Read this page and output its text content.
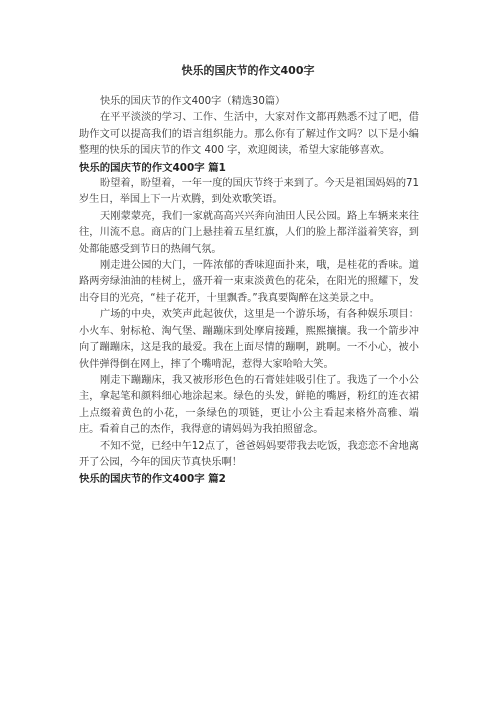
快乐的国庆节的作文400字

快乐的国庆节的作文400字（精选30篇）

在平平淡淡的学习、工作、生活中，大家对作文都再熟悉不过了吧，借助作文可以提高我们的语言组织能力。那么你有了解过作文吗？以下是小编整理的快乐的国庆节的作文 400 字，欢迎阅读，希望大家能够喜欢。

快乐的国庆节的作文400字 篇1

盼望着，盼望着，一年一度的国庆节终于来到了。今天是祖国妈妈的71岁生日，举国上下一片欢腾，到处欢歌笑语。

天刚蒙蒙亮，我们一家就高高兴兴奔向油田人民公园。路上车辆来来往往，川流不息。商店的门上悬挂着五星红旗，人们的脸上都洋溢着笑容，到处都能感受到节日的热闹气氛。

刚走进公园的大门，一阵浓郁的香味迎面扑来，哦，是桂花的香味。道路两旁绿油油的桂树上，盛开着一束束淡黄色的花朵，在阳光的照耀下，发出夺目的光亮，“桂子花开，十里飘香。”我真要陶醉在这美景之中。

广场的中央，欢笑声此起彼伏，这里是一个游乐场，有各种娱乐项目：小火车、射标枪、淘气堡、蹦蹦床到处摩肩接踵，熙熙攘攘。我一个箭步冲向了蹦蹦床，这是我的最爱。我在上面尽情的蹦啊，跳啊。一不小心，被小伙伴弹得倒在网上，摔了个嘴啃泥，惹得大家哈哈大笑。

刚走下蹦蹦床，我又被形形色色的石膏娃娃吸引住了。我选了一个小公主，拿起笔和颜料细心地涂起来。绿色的头发，鲜艳的嘴唇，粉红的连衣裙上点缀着黄色的小花，一条绿色的项链，更让小公主看起来格外高雅、端庄。看着自己的杰作，我得意的请妈妈为我拍照留念。

不知不觉，已经中午12点了，爸爸妈妈要带我去吃饭，我恋恋不舍地离开了公园，今年的国庆节真快乐啊！

快乐的国庆节的作文400字 篇2
